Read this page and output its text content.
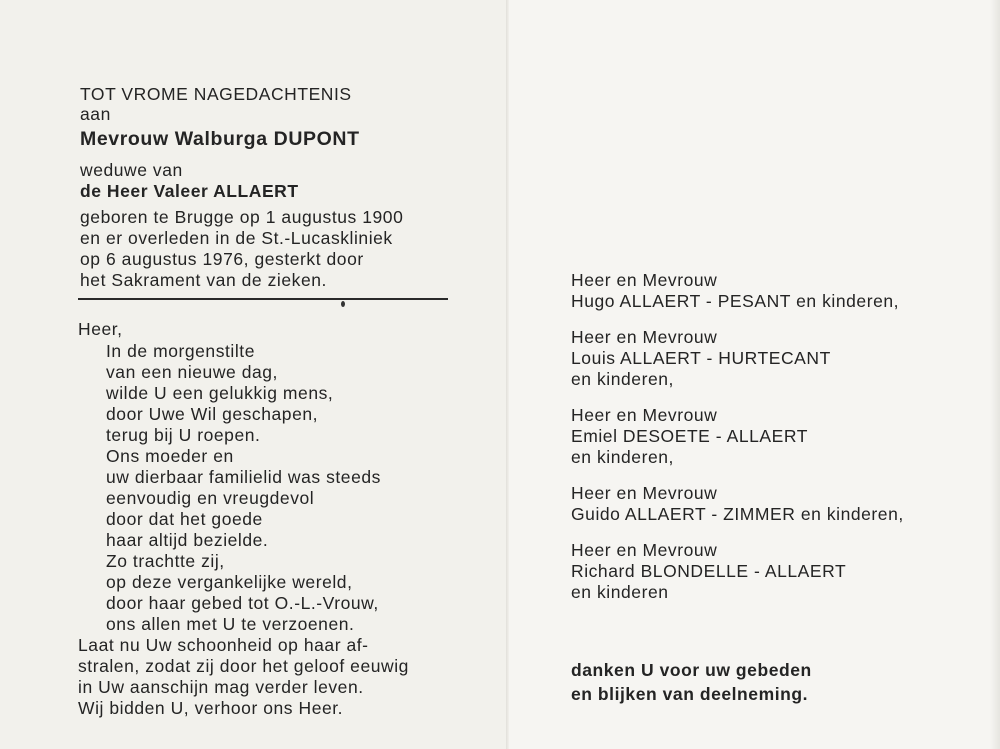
TOT VROME NAGEDACHTENIS
aan
Mevrouw Walburga DUPONT
weduwe van
de Heer Valeer ALLAERT
geboren te Brugge op 1 augustus 1900
en er overleden in de St.-Lucaskliniek
op 6 augustus 1976, gesterkt door
het Sakrament van de zieken.
Heer,
In de morgenstilte
van een nieuwe dag,
wilde U een gelukkig mens,
door Uwe Wil geschapen,
terug bij U roepen.
Ons moeder en
uw dierbaar familielid was steeds
eenvoudig en vreugdevol
door dat het goede
haar altijd bezielde.
Zo trachtte zij,
op deze vergankelijke wereld,
door haar gebed tot O.-L.-Vrouw,
ons allen met U te verzoenen.
Laat nu Uw schoonheid op haar af-
stralen, zodat zij door het geloof eeuwig
in Uw aanschijn mag verder leven.
Wij bidden U, verhoor ons Heer.
Heer en Mevrouw
Hugo ALLAERT - PESANT en kinderen,
Heer en Mevrouw
Louis ALLAERT - HURTECANT
en kinderen,
Heer en Mevrouw
Emiel DESOETE - ALLAERT
en kinderen,
Heer en Mevrouw
Guido ALLAERT - ZIMMER en kinderen,
Heer en Mevrouw
Richard BLONDELLE - ALLAERT
en kinderen
danken U voor uw gebeden
en blijken van deelneming.
